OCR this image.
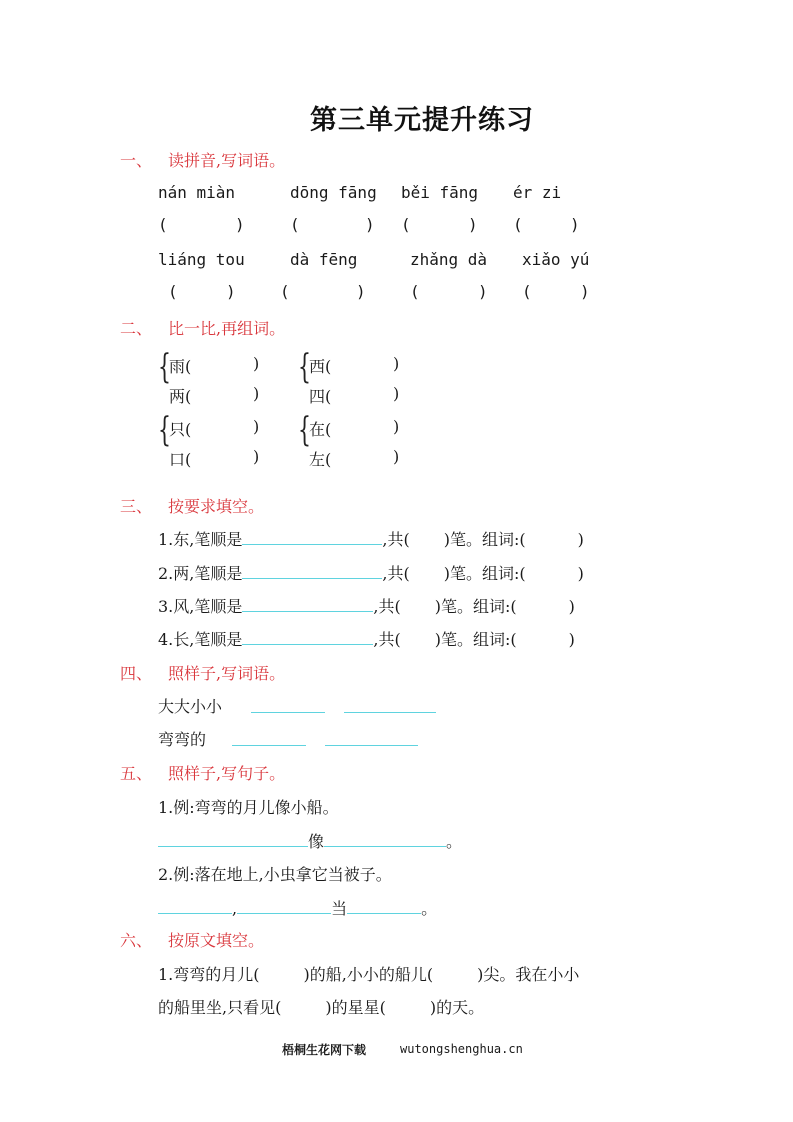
第三单元提升练习
一、 读拼音,写词语。
nán miàn	dōng fāng běi fāng ér zi
(	)	(	) (	) (	)
liáng tou	dà fēng	zhǎng dà xiǎo yú
(	)	(	)	(	) (	)
二、 比一比,再组词。
{
雨(	)
两(	)
{
西(	)
四(	)
{
只(	)
口(	)
{
在(	)
左(	)
三、 按要求填空。
1.东,笔顺是	,共( )笔。组词:(	)
2.两,笔顺是	,共( )笔。组词:(	)
3.风,笔顺是	,共( )笔。组词:(	)
4.长,笔顺是	,共( )笔。组词:(	)
四、 照样子,写词语。
大大小小
弯弯的
五、 照样子,写句子。
1.例:弯弯的月儿像小船。
像	。
2.例:落在地上,小虫拿它当被子。
,	当	。
六、 按原文填空。
1.弯弯的月儿(	)的船,小小的船儿(	)尖。我在小小
的船里坐,只看见(	)的星星(	)的天。
梧桐生花网下载	wutongshenghua.cn
